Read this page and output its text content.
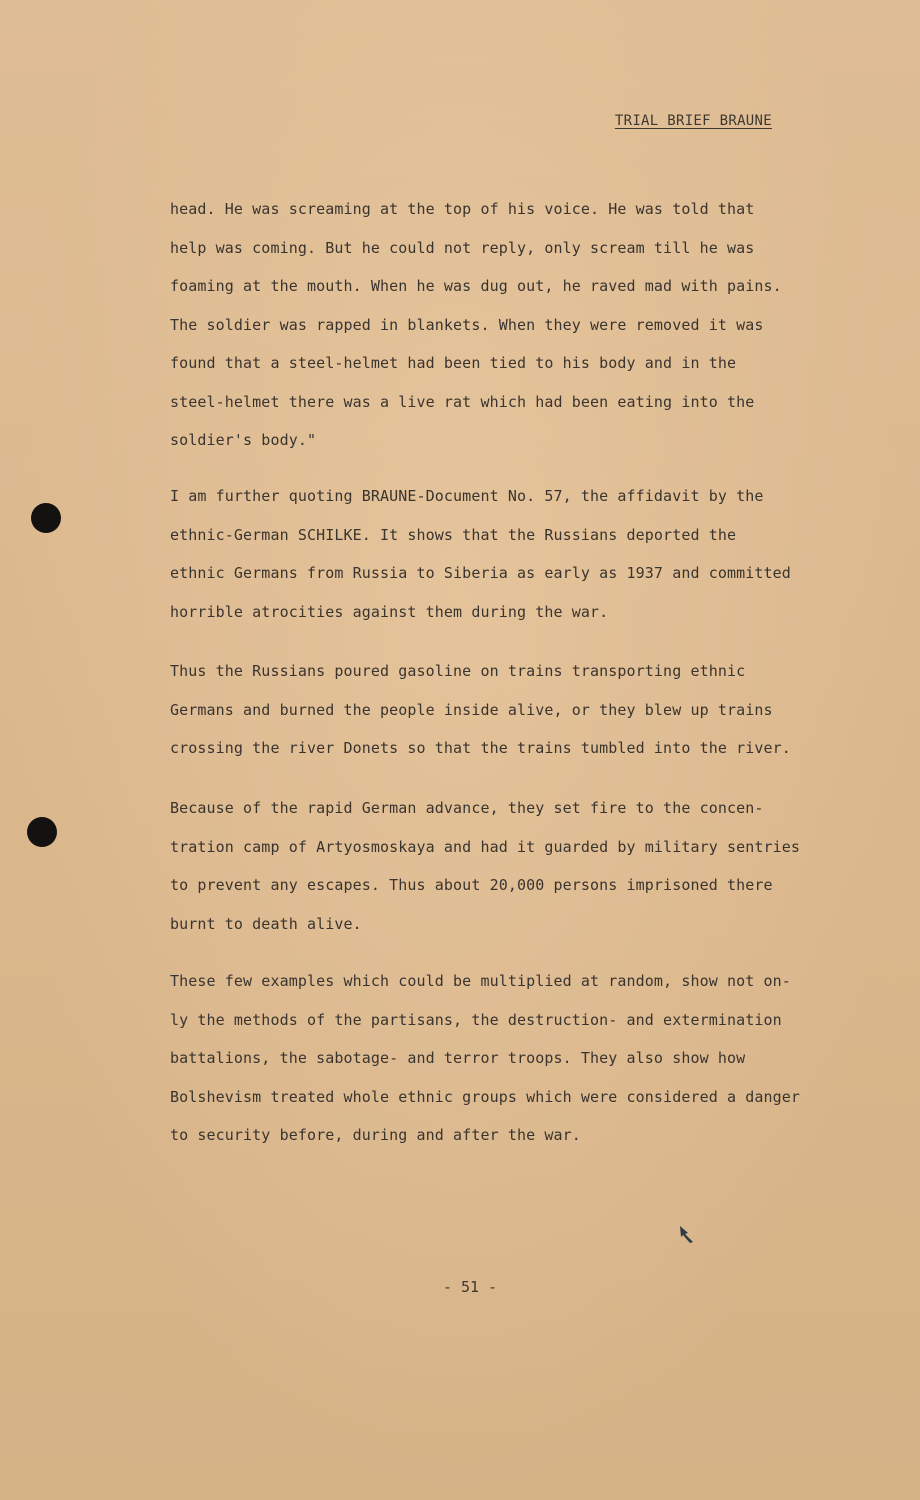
TRIAL BRIEF BRAUNE
head. He was screaming at the top of his voice. He was told that
help was coming. But he could not reply, only scream till he was
foaming at the mouth. When he was dug out, he raved mad with pains.
The soldier was rapped in blankets. When they were removed it was
found that a steel-helmet had been tied to his body and in the
steel-helmet there was a live rat which had been eating into the
soldier's body."
I am further quoting BRAUNE-Document No. 57, the affidavit by the
ethnic-German SCHILKE. It shows that the Russians deported the
ethnic Germans from Russia to Siberia as early as 1937 and committed
horrible atrocities against them during the war.
Thus the Russians poured gasoline on trains transporting ethnic
Germans and burned the people inside alive, or they blew up trains
crossing the river Donets so that the trains tumbled into the river.
Because of the rapid German advance, they set fire to the concen-
tration camp of Artyosmoskaya and had it guarded by military sentries
to prevent any escapes. Thus about 20,000 persons imprisoned there
burnt to death alive.
These few examples which could be multiplied at random, show not on-
ly the methods of the partisans, the destruction- and extermination
battalions, the sabotage- and terror troops. They also show how
Bolshevism treated whole ethnic groups which were considered a danger
to security before, during and after the war.
- 51 -
